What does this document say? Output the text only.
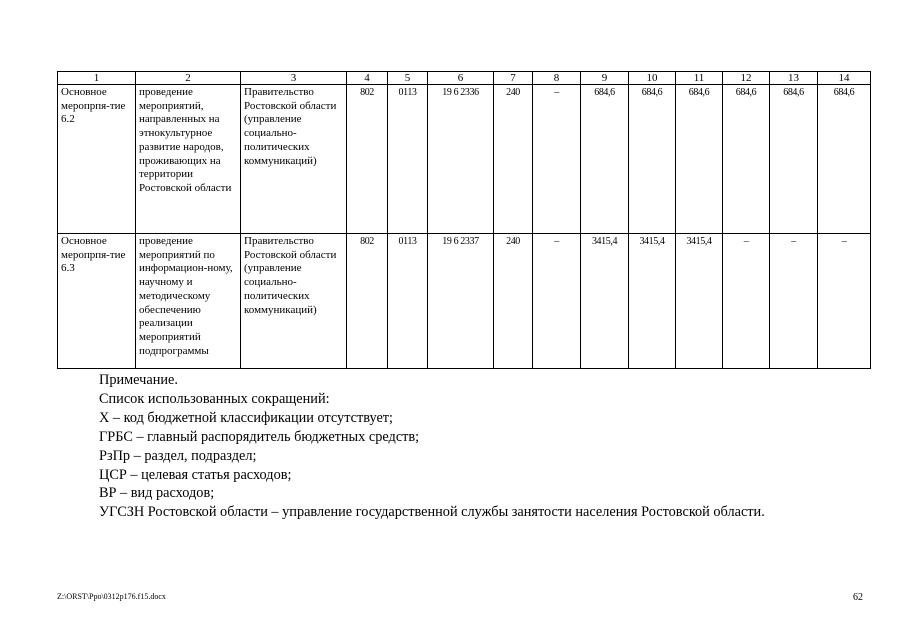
1	2	3	4	5	6	7	8	9	10	11	12	13	14
Основное меропрпя-тие 6.2	проведение мероприятий, направленных на этнокультурное развитие народов, проживающих на территории Ростовской области	Правительство Ростовской области (управление социально-политических коммуникаций)	802	0113	19 6 2336	240	–	684,6	684,6	684,6	684,6	684,6	684,6
Основное меропрпя-тие 6.3	проведение мероприятий по информацион-ному, научному и методическому обеспечению реализации мероприятий подпрограммы	Правительство Ростовской области (управление социально-политических коммуникаций)	802	0113	19 6 2337	240	–	3415,4	3415,4	3415,4	–	–	–
Примечание.
Список использованных сокращений:
Х – код бюджетной классификации отсутствует;
ГРБС – главный распорядитель бюджетных средств;
РзПр – раздел, подраздел;
ЦСР – целевая статья расходов;
ВР – вид расходов;
УГСЗН Ростовской области – управление государственной службы занятости населения Ростовской области.
Z:\ORST\Ppo\0312p176.f15.docx	62
